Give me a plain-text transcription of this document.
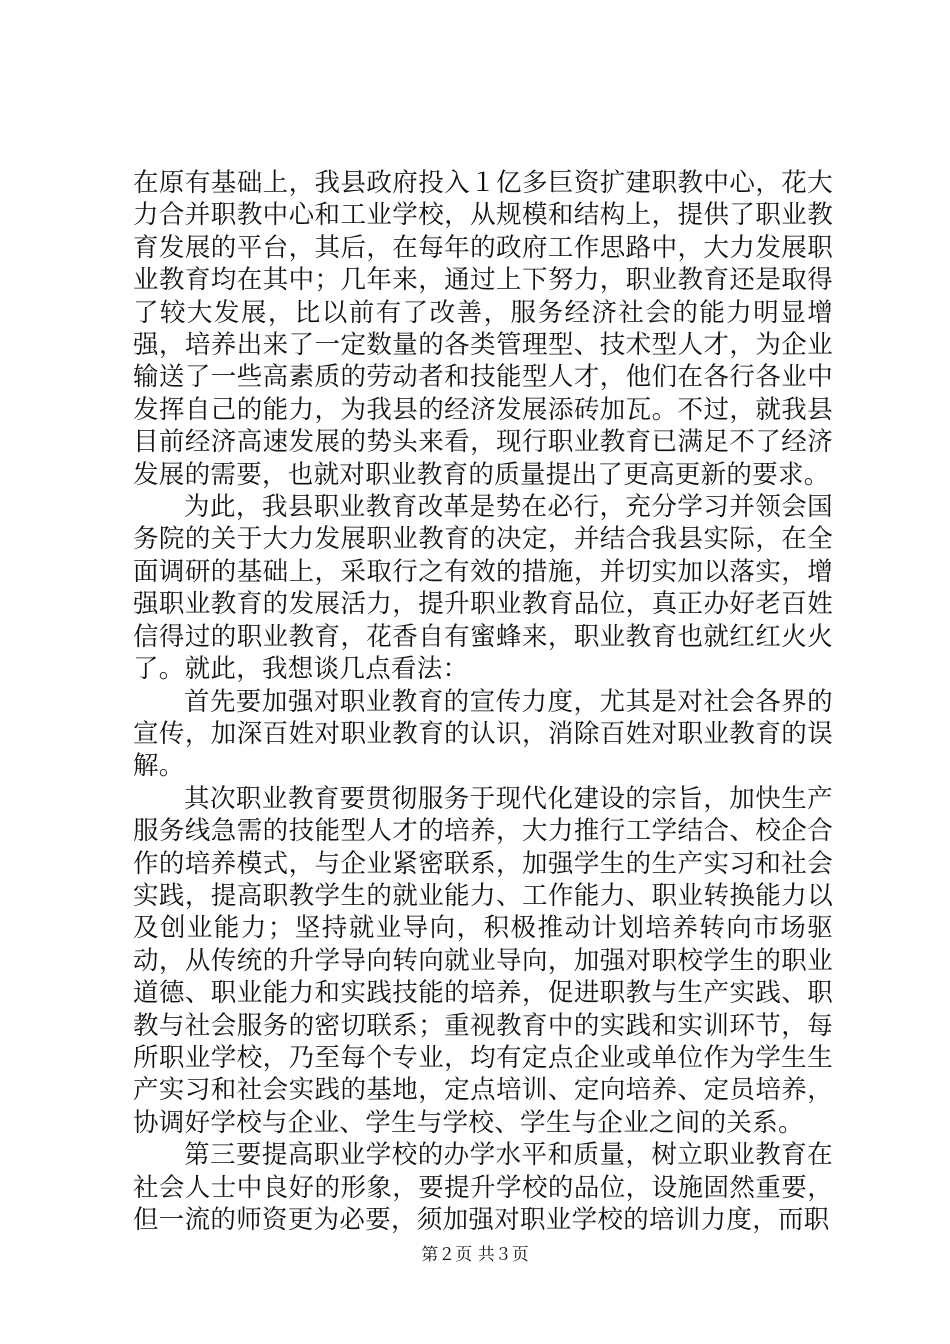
在原有基础上，我县政府投入１亿多巨资扩建职教中心，花大力合并职教中心和工业学校，从规模和结构上，提供了职业教育发展的平台，其后，在每年的政府工作思路中，大力发展职业教育均在其中；几年来，通过上下努力，职业教育还是取得了较大发展，比以前有了改善，服务经济社会的能力明显增强，培养出来了一定数量的各类管理型、技术型人才，为企业输送了一些高素质的劳动者和技能型人才，他们在各行各业中发挥自己的能力，为我县的经济发展添砖加瓦。不过，就我县目前经济高速发展的势头来看，现行职业教育已满足不了经济发展的需要，也就对职业教育的质量提出了更高更新的要求。

为此，我县职业教育改革是势在必行，充分学习并领会国务院的关于大力发展职业教育的决定，并结合我县实际，在全面调研的基础上，采取行之有效的措施，并切实加以落实，增强职业教育的发展活力，提升职业教育品位，真正办好老百姓信得过的职业教育，花香自有蜜蜂来，职业教育也就红红火火了。就此，我想谈几点看法：

首先要加强对职业教育的宣传力度，尤其是对社会各界的宣传，加深百姓对职业教育的认识，消除百姓对职业教育的误解。

其次职业教育要贯彻服务于现代化建设的宗旨，加快生产服务线急需的技能型人才的培养，大力推行工学结合、校企合作的培养模式，与企业紧密联系，加强学生的生产实习和社会实践，提高职教学生的就业能力、工作能力、职业转换能力以及创业能力；坚持就业导向，积极推动计划培养转向市场驱动，从传统的升学导向转向就业导向，加强对职校学生的职业道德、职业能力和实践技能的培养，促进职教与生产实践、职教与社会服务的密切联系；重视教育中的实践和实训环节，每所职业学校，乃至每个专业，均有定点企业或单位作为学生生产实习和社会实践的基地，定点培训、定向培养、定员培养，协调好学校与企业、学生与学校、学生与企业之间的关系。

第三要提高职业学校的办学水平和质量，树立职业教育在社会人士中良好的形象，要提升学校的品位，设施固然重要，但一流的师资更为必要，须加强对职业学校的培训力度，而职

第２页 共３页
